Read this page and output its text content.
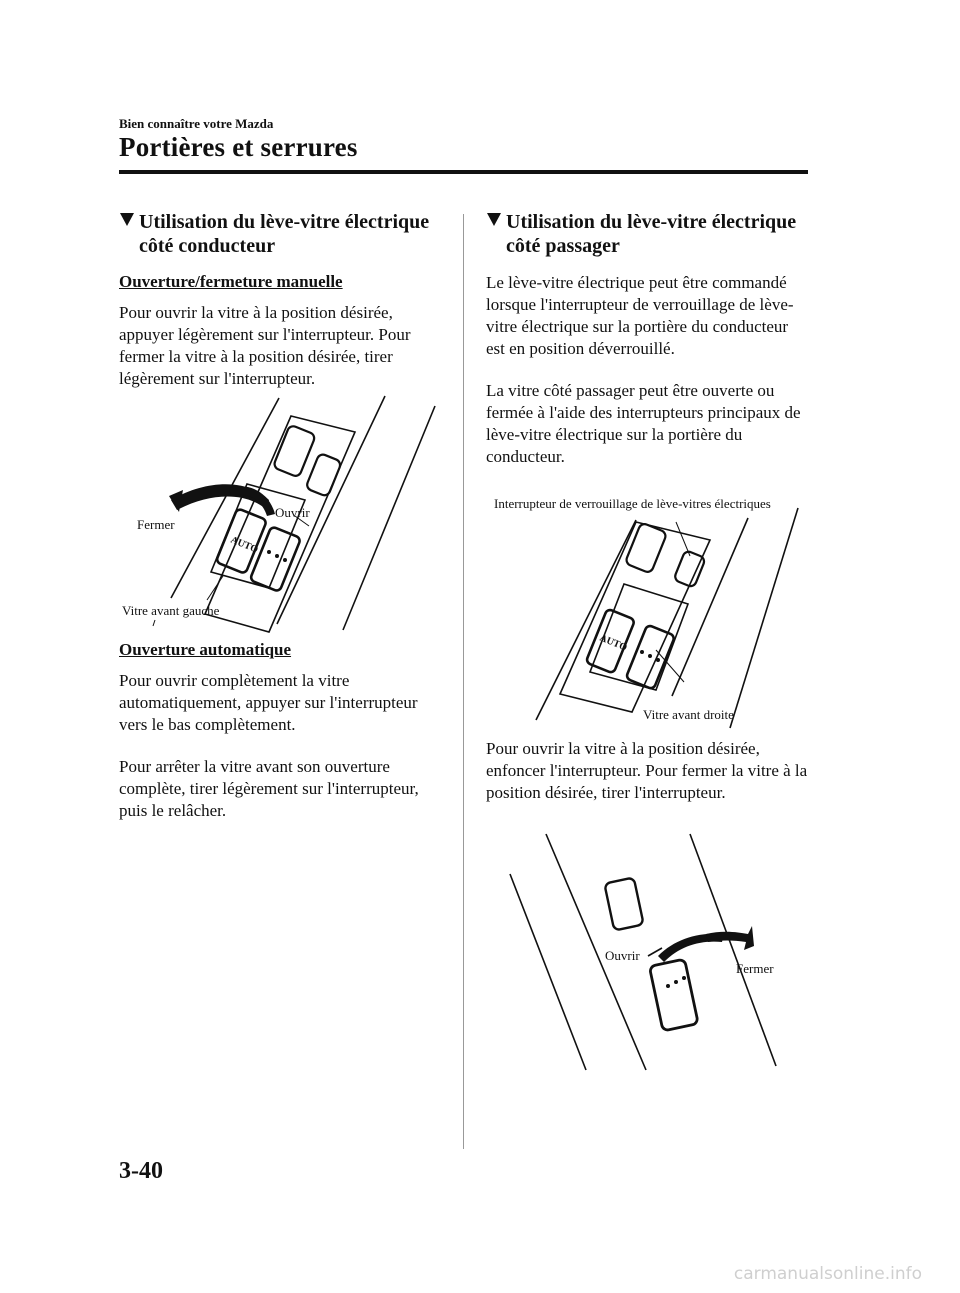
Bien connaître votre Mazda
Portières et serrures
Utilisation du lève-vitre électrique côté conducteur
Ouverture/fermeture manuelle
Pour ouvrir la vitre à la position désirée, appuyer légèrement sur l'interrupteur. Pour fermer la vitre à la position désirée, tirer légèrement sur l'interrupteur.
AUTO
Fermer
Ouvrir
Vitre avant gauche
Ouverture automatique
Pour ouvrir complètement la vitre automatiquement, appuyer sur l'interrupteur vers le bas complètement.
Pour arrêter la vitre avant son ouverture complète, tirer légèrement sur l'interrupteur, puis le relâcher.
Utilisation du lève-vitre électrique côté passager
Le lève-vitre électrique peut être commandé lorsque l'interrupteur de verrouillage de lève-vitre électrique sur la portière du conducteur est en position déverrouillé.
La vitre côté passager peut être ouverte ou fermée à l'aide des interrupteurs principaux de lève-vitre électrique sur la portière du conducteur.
Interrupteur de verrouillage de lève-vitres électriques
AUTO
Vitre avant droite
Pour ouvrir la vitre à la position désirée, enfoncer l'interrupteur. Pour fermer la vitre à la position désirée, tirer l'interrupteur.
Ouvrir
Fermer
3-40
carmanualsonline.info
